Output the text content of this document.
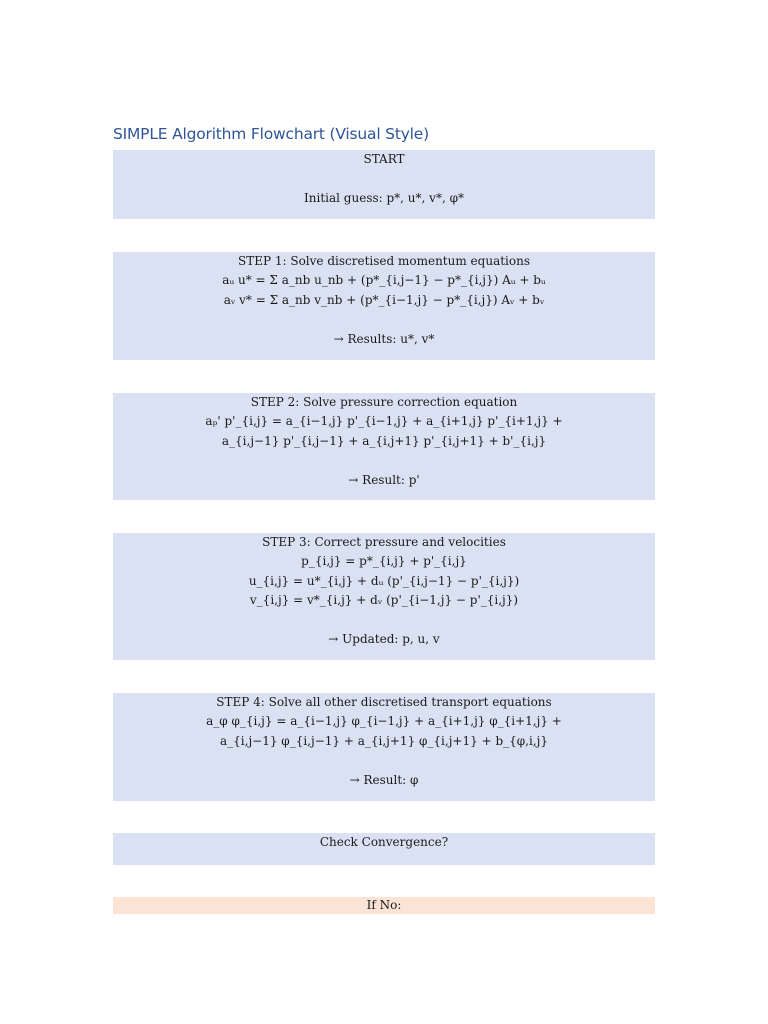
SIMPLE Algorithm Flowchart (Visual Style)
START
Initial guess: p*, u*, v*, φ*
STEP 1: Solve discretised momentum equations
aᵤ u* = Σ a_nb u_nb + (p*_{i,j−1} − p*_{i,j}) Aᵤ + bᵤ
aᵥ v* = Σ a_nb v_nb + (p*_{i−1,j} − p*_{i,j}) Aᵥ + bᵥ
→ Results: u*, v*
STEP 2: Solve pressure correction equation
aₚ' p'_{i,j} = a_{i−1,j} p'_{i−1,j} + a_{i+1,j} p'_{i+1,j} +
a_{i,j−1} p'_{i,j−1} + a_{i,j+1} p'_{i,j+1} + b'_{i,j}
→ Result: p'
STEP 3: Correct pressure and velocities
p_{i,j} = p*_{i,j} + p'_{i,j}
u_{i,j} = u*_{i,j} + dᵤ (p'_{i,j−1} − p'_{i,j})
v_{i,j} = v*_{i,j} + dᵥ (p'_{i−1,j} − p'_{i,j})
→ Updated: p, u, v
STEP 4: Solve all other discretised transport equations
a_φ φ_{i,j} = a_{i−1,j} φ_{i−1,j} + a_{i+1,j} φ_{i+1,j} +
a_{i,j−1} φ_{i,j−1} + a_{i,j+1} φ_{i,j+1} + b_{φ,i,j}
→ Result: φ
Check Convergence?
If No:
